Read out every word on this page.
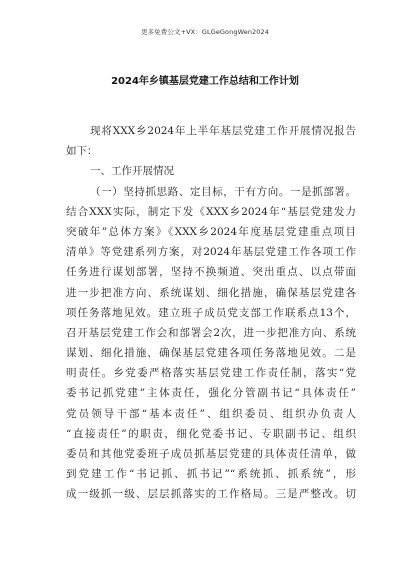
更多免费公文+VX：GLGeGongWen2024
2024年乡镇基层党建工作总结和工作计划
现将XXX乡2024年上半年基层党建工作开展情况报告
如下：
一、工作开展情况
（一）坚持抓思路、定目标，干有方向。一是抓部署。
结合XXX实际，制定下发《XXX乡2024年“基层党建发力
突破年”总体方案》《XXX乡2024年度基层党建重点项目
清单》等党建系列方案，对2024年基层党建工作各项工作
任务进行谋划部署，坚持不换频道、突出重点、以点带面
进一步把准方向、系统谋划、细化措施，确保基层党建各
项任务落地见效。建立班子成员党支部工作联系点13个，
召开基层党建工作会和部署会2次，进一步把准方向、系统
谋划、细化措施，确保基层党建各项任务落地见效。二是
明责任。乡党委严格落实基层党建工作责任制，落实“党
委书记抓党建”主体责任，强化分管副书记“具体责任”
党员领导干部“基本责任”、组织委员、组织办负责人
“直接责任”的职责，细化党委书记、专职副书记、组织
委员和其他党委班子成员抓基层党建的具体责任清单，做
到党建工作“书记抓、抓书记”“系统抓、抓系统”，形
成一级抓一级、层层抓落实的工作格局。三是严整改。切
